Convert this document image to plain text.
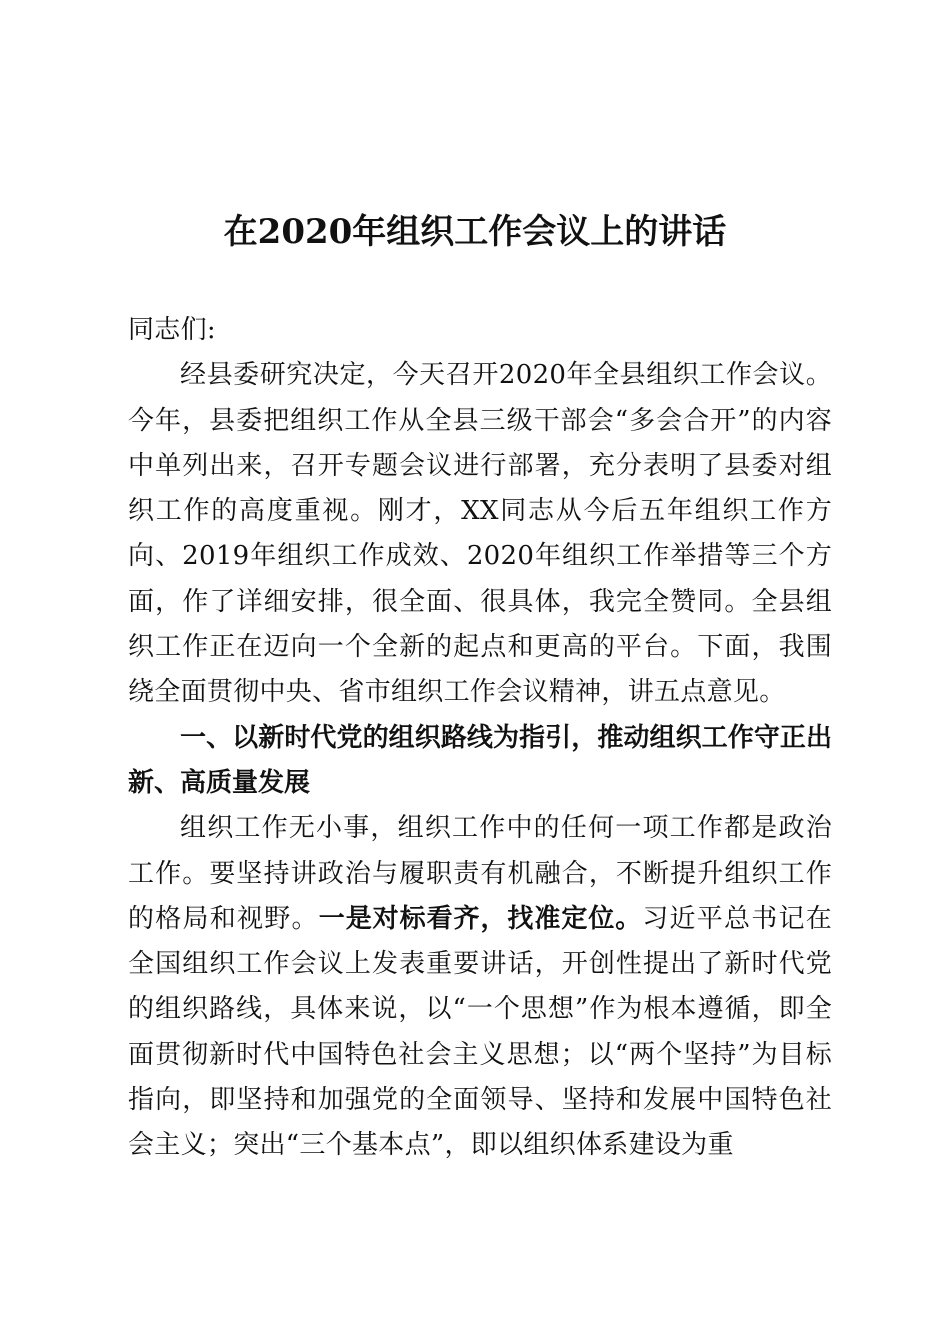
在2020年组织工作会议上的讲话

同志们:

经县委研究决定，今天召开2020年全县组织工作会议。今年，县委把组织工作从全县三级干部会“多会合开”的内容中单列出来，召开专题会议进行部署，充分表明了县委对组织工作的高度重视。刚才，XX同志从今后五年组织工作方向、2019年组织工作成效、2020年组织工作举措等三个方面，作了详细安排，很全面、很具体，我完全赞同。全县组织工作正在迈向一个全新的起点和更高的平台。下面，我围绕全面贯彻中央、省市组织工作会议精神，讲五点意见。

一、以新时代党的组织路线为指引，推动组织工作守正出新、高质量发展

组织工作无小事，组织工作中的任何一项工作都是政治工作。要坚持讲政治与履职责有机融合，不断提升组织工作的格局和视野。一是对标看齐，找准定位。习近平总书记在全国组织工作会议上发表重要讲话，开创性提出了新时代党的组织路线，具体来说，以“一个思想”作为根本遵循，即全面贯彻新时代中国特色社会主义思想；以“两个坚持”为目标指向，即坚持和加强党的全面领导、坚持和发展中国特色社会主义；突出“三个基本点”，即以组织体系建设为重
